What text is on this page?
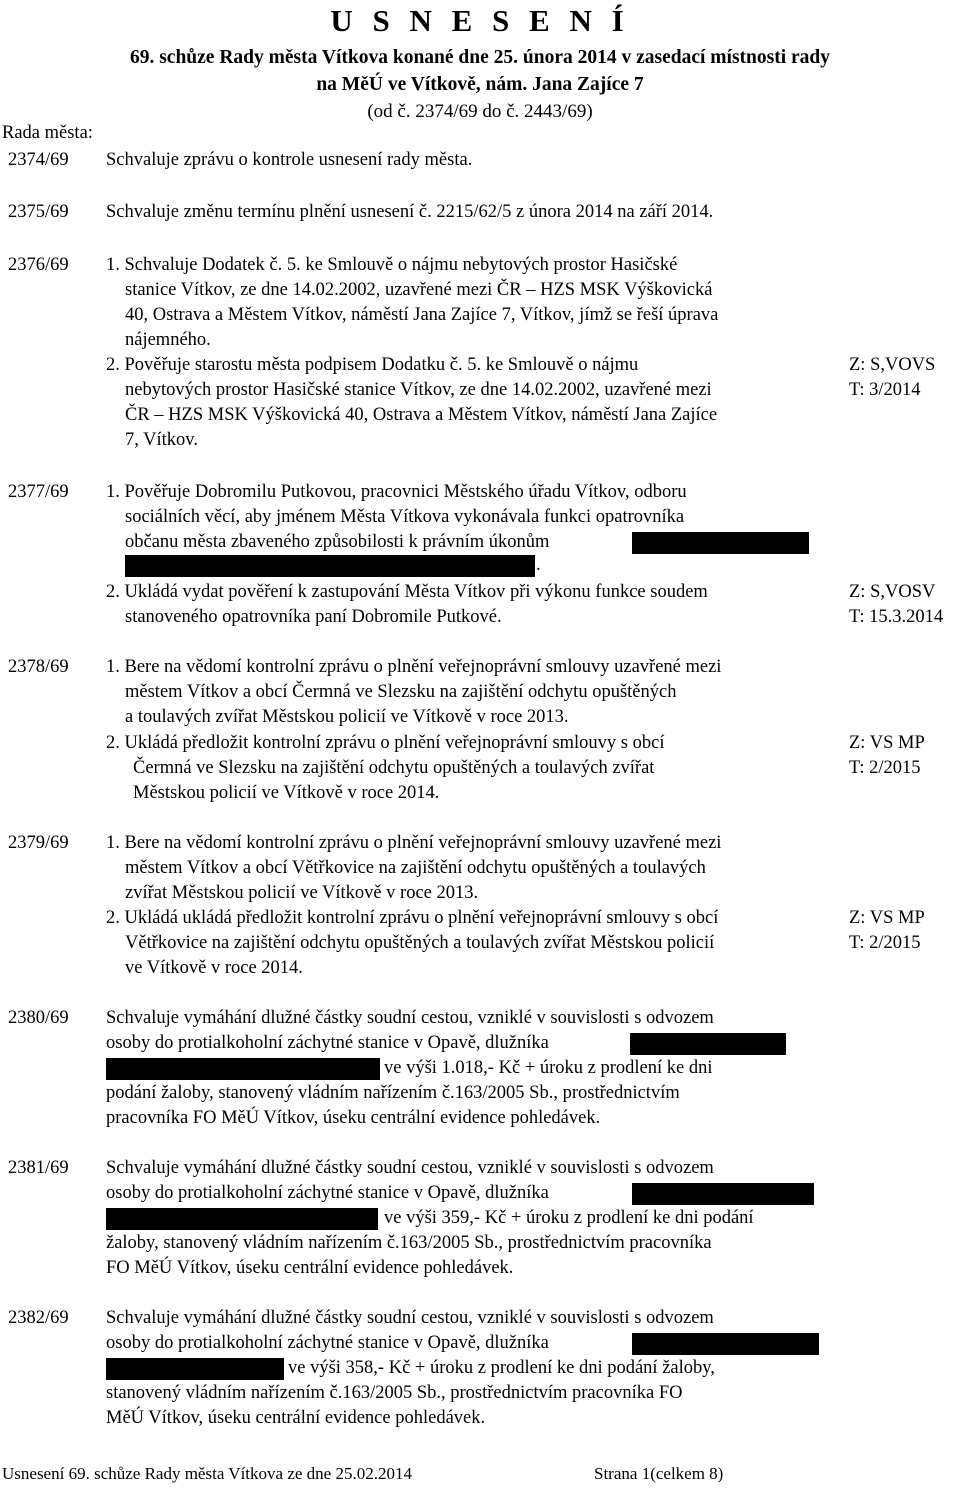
U S N E S E N Í
69. schůze Rady města Vítkova konané dne 25. února 2014 v zasedací místnosti rady
na MěÚ ve Vítkově, nám. Jana Zajíce 7
(od č. 2374/69 do č. 2443/69)
Rada města:
2374/69 Schvaluje zprávu o kontrole usnesení rady města.
2375/69 Schvaluje změnu termínu plnění usnesení č. 2215/62/5 z února 2014 na září 2014.
2376/69 1. Schvaluje Dodatek č. 5. ke Smlouvě o nájmu nebytových prostor Hasičské
stanice Vítkov, ze dne 14.02.2002, uzavřené mezi ČR – HZS MSK Výškovická
40, Ostrava a Městem Vítkov, náměstí Jana Zajíce 7, Vítkov, jímž se řeší úprava
nájemného.
2. Pověřuje starostu města podpisem Dodatku č. 5. ke Smlouvě o nájmu
nebytových prostor Hasičské stanice Vítkov, ze dne 14.02.2002, uzavřené mezi
ČR – HZS MSK Výškovická 40, Ostrava a Městem Vítkov, náměstí Jana Zajíce
7, Vítkov.
Z: S,VOVS
T: 3/2014
2377/69 1. Pověřuje Dobromilu Putkovou, pracovnici Městského úřadu Vítkov, odboru
sociálních věcí, aby jménem Města Vítkova vykonávala funkci opatrovníka
občanu města zbaveného způsobilosti k právním úkonům
.
2. Ukládá vydat pověření k zastupování Města Vítkov při výkonu funkce soudem
stanoveného opatrovníka paní Dobromile Putkové.
Z: S,VOSV
T: 15.3.2014
2378/69 1. Bere na vědomí kontrolní zprávu o plnění veřejnoprávní smlouvy uzavřené mezi
městem Vítkov a obcí Čermná ve Slezsku na zajištění odchytu opuštěných
a toulavých zvířat Městskou policií ve Vítkově v roce 2013.
2. Ukládá předložit kontrolní zprávu o plnění veřejnoprávní smlouvy s obcí
Čermná ve Slezsku na zajištění odchytu opuštěných a toulavých zvířat
Městskou policií ve Vítkově v roce 2014.
Z: VS MP
T: 2/2015
2379/69 1. Bere na vědomí kontrolní zprávu o plnění veřejnoprávní smlouvy uzavřené mezi
městem Vítkov a obcí Větřkovice na zajištění odchytu opuštěných a toulavých
zvířat Městskou policií ve Vítkově v roce 2013.
2. Ukládá ukládá předložit kontrolní zprávu o plnění veřejnoprávní smlouvy s obcí
Větřkovice na zajištění odchytu opuštěných a toulavých zvířat Městskou policií
ve Vítkově v roce 2014.
Z: VS MP
T: 2/2015
2380/69 Schvaluje vymáhání dlužné částky soudní cestou, vzniklé v souvislosti s odvozem
osoby do protialkoholní záchytné stanice v Opavě, dlužníka
ve výši 1.018,- Kč + úroku z prodlení ke dni
podání žaloby, stanovený vládním nařízením č.163/2005 Sb., prostřednictvím
pracovníka FO MěÚ Vítkov, úseku centrální evidence pohledávek.
2381/69 Schvaluje vymáhání dlužné částky soudní cestou, vzniklé v souvislosti s odvozem
osoby do protialkoholní záchytné stanice v Opavě, dlužníka
ve výši 359,- Kč + úroku z prodlení ke dni podání
žaloby, stanovený vládním nařízením č.163/2005 Sb., prostřednictvím pracovníka
FO MěÚ Vítkov, úseku centrální evidence pohledávek.
2382/69 Schvaluje vymáhání dlužné částky soudní cestou, vzniklé v souvislosti s odvozem
osoby do protialkoholní záchytné stanice v Opavě, dlužníka
ve výši 358,- Kč + úroku z prodlení ke dni podání žaloby,
stanovený vládním nařízením č.163/2005 Sb., prostřednictvím pracovníka FO
MěÚ Vítkov, úseku centrální evidence pohledávek.
Usnesení 69. schůze Rady města Vítkova ze dne 25.02.2014	Strana 1(celkem 8)
